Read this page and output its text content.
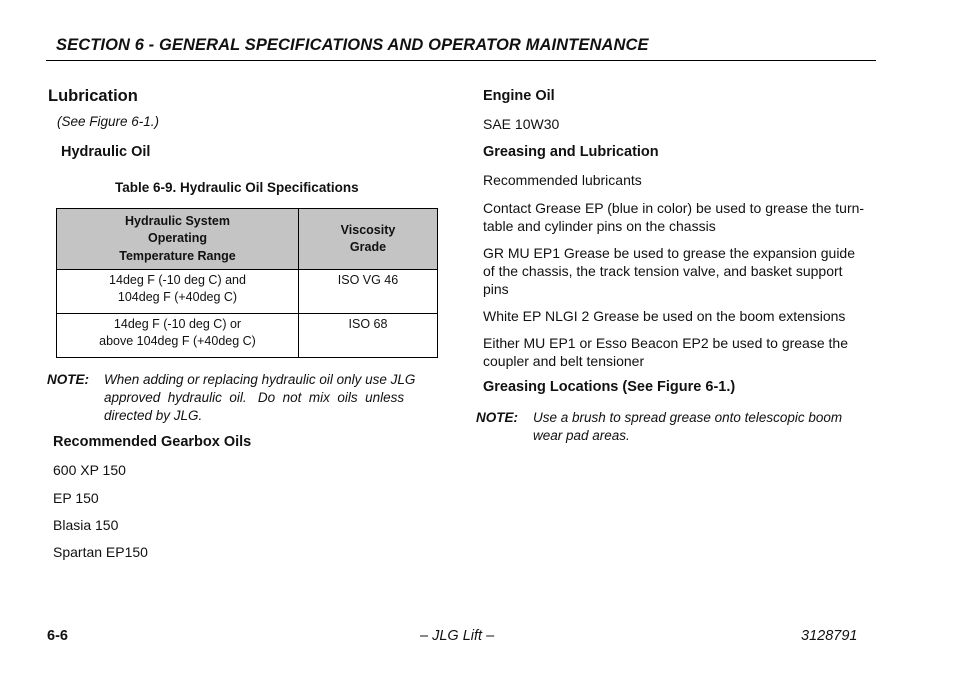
SECTION 6 - GENERAL SPECIFICATIONS AND OPERATOR MAINTENANCE
Lubrication
(See Figure 6-1.)
Hydraulic Oil
Table 6-9. Hydraulic Oil Specifications
Hydraulic System
Operating
Temperature Range	Viscosity
Grade

14deg F (-10 deg C) and
104deg F (+40deg C)	ISO VG 46

14deg F (-10 deg C) or
above 104deg F (+40deg C)	ISO 68
NOTE: When adding or replacing hydraulic oil only use JLG
approved  hydraulic  oil.   Do  not  mix  oils  unless
directed by JLG.
Recommended Gearbox Oils
600 XP 150
EP 150
Blasia 150
Spartan EP150
Engine Oil
SAE 10W30
Greasing and Lubrication
Recommended lubricants
Contact Grease EP (blue in color) be used to grease the turn-
table and cylinder pins on the chassis
GR MU EP1 Grease be used to grease the expansion guide
of the chassis, the track tension valve, and basket support
pins
White EP NLGI 2 Grease be used on the boom extensions
Either MU EP1 or Esso Beacon EP2 be used to grease the
coupler and belt tensioner
Greasing Locations (See Figure 6-1.)
NOTE: Use a brush to spread grease onto telescopic boom
wear pad areas.
6-6	– JLG Lift –	3128791
